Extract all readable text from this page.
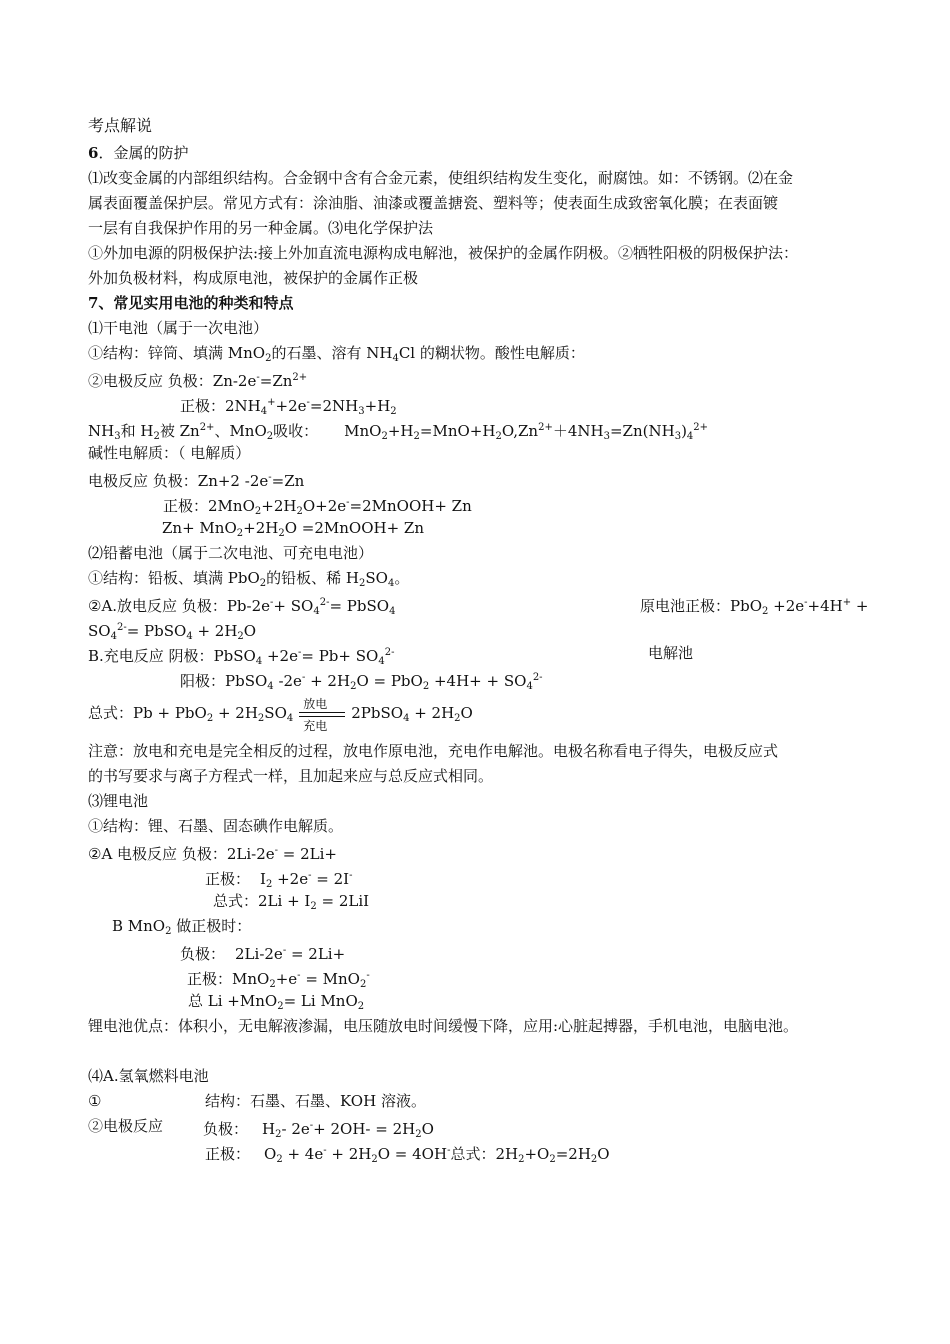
考点解说
6．金属的防护
⑴改变金属的内部组织结构。合金钢中含有合金元素，使组织结构发生变化，耐腐蚀。如：不锈钢。⑵在金
属表面覆盖保护层。常见方式有：涂油脂、油漆或覆盖搪瓷、塑料等；使表面生成致密氧化膜；在表面镀
一层有自我保护作用的另一种金属。⑶电化学保护法
①外加电源的阴极保护法:接上外加直流电源构成电解池，被保护的金属作阴极。②牺牲阳极的阴极保护法：
外加负极材料，构成原电池，被保护的金属作正极
7、常见实用电池的种类和特点
⑴干电池（属于一次电池）
①结构：锌筒、填满 MnO$_2$的石墨、溶有 $NH_4Cl$ 的糊状物。酸性电解质：
②电极反应 负极：$Zn-2e^-=Zn^{2+}$
正极：$2NH_4^++2e^-=2NH_3+H_2$
$NH_3$和 $H_2$被 $Zn^{2+}$、MnO$_2$吸收： $MnO_2+H_2=MnO+H_2O,Zn^{2+}+4NH_3=Zn(NH_3)_4^{2+}$
碱性电解质：（ 电解质）
电极反应 负极：Zn+2 -2e-=Zn
正极：$2MnO_2+2H_2O+2e^-=2MnOOH+ Zn$
$Zn+ MnO_2+2H_2O$ =2MnOOH+ Zn
⑵铅蓄电池（属于二次电池、可充电电池）
①结构：铅板、填满 PbO$_2$的铅板、稀 $H_2SO_4$。
②A.放电反应 负极：$Pb-2e^-+ SO_4^{2-}=$ PbSO$_4$	原电池正极：PbO$_2$ +2e-+4H+ +
$SO_4^{2-}=$ PbSO$_4$ + $2H_2O$
B.充电反应 阴极：PbSO$_4$ $+2e^-= Pb+ SO_4^{2-}$	电解池
阳极：PbSO$_4$ $-2e^- + 2H_2O = PbO_2 +4H+ + SO_4^{2-}$
总式：$Pb + PbO_2 + 2H_2SO_4$
放电
充电
2PbSO$_4$ + $2H_2O$
注意：放电和充电是完全相反的过程，放电作原电池，充电作电解池。电极名称看电子得失，电极反应式
的书写要求与离子方程式一样，且加起来应与总反应式相同。
⑶锂电池
①结构：锂、石墨、固态碘作电解质。
②A 电极反应 负极：2Li-2e- = 2Li+
正极： $I_2 +2e^- = 2I^-$
总式：$2Li + I_2 = 2LiI$
B MnO$_2$ 做正极时：
负极： 2Li-2e- = 2Li+
正极：MnO$_2$+e- = MnO$_2$-
总 Li +MnO$_2$= Li MnO$_2$
锂电池优点：体积小，无电解液渗漏，电压随放电时间缓慢下降，应用:心脏起搏器，手机电池，电脑电池。
⑷A.氢氧燃料电池
①	结构：石墨、石墨、KOH 溶液。
②电极反应	负极： $H_2-$ $2e^-+ 2OH- = 2H_2O$
正极： $O_2 + 4e^- + 2H_2O = 4OH^-$总式：$2H_2+O_2=2H_2O$
